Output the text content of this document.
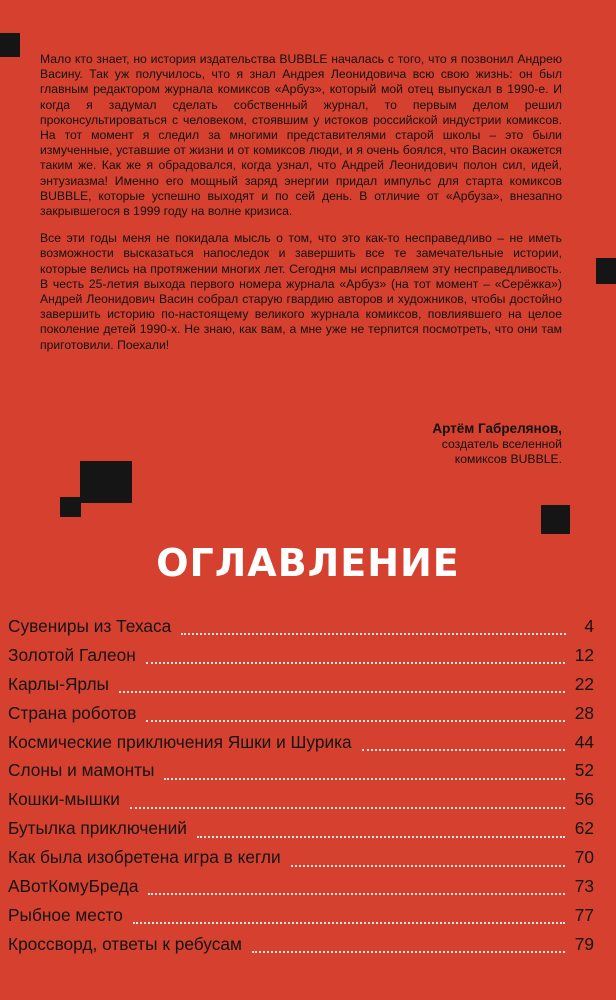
Мало кто знает, но история издательства BUBBLE началась с того, что я позвонил Андрею Васину. Так уж получилось, что я знал Андрея Леонидовича всю свою жизнь: он был главным редактором журнала комиксов «Арбуз», который мой отец выпускал в 1990-е. И когда я задумал сделать собственный журнал, то первым делом решил проконсультироваться с человеком, стоявшим у истоков российской индустрии комиксов. На тот момент я следил за многими представителями старой школы – это были измученные, уставшие от жизни и от комиксов люди, и я очень боялся, что Васин окажется таким же. Как же я обрадовался, когда узнал, что Андрей Леонидович полон сил, идей, энтузиазма! Именно его мощный заряд энергии придал импульс для старта комиксов BUBBLE, которые успешно выходят и по сей день. В отличие от «Арбуза», внезапно закрывшегося в 1999 году на волне кризиса.

Все эти годы меня не покидала мысль о том, что это как-то несправедливо – не иметь возможности высказаться напоследок и завершить все те замечательные истории, которые велись на протяжении многих лет. Сегодня мы исправляем эту несправедливость. В честь 25-летия выхода первого номера журнала «Арбуз» (на тот момент – «Серёжка») Андрей Леонидович Васин собрал старую гвардию авторов и художников, чтобы достойно завершить историю по-настоящему великого журнала комиксов, повлиявшего на целое поколение детей 1990-х. Не знаю, как вам, а мне уже не терпится посмотреть, что они там приготовили. Поехали!

Артём Габрелянов,
создатель вселенной
комиксов BUBBLE.
ОГЛАВЛЕНИЕ
Сувениры из Техаса	4
Золотой Галеон	12
Карлы-Ярлы	22
Страна роботов	28
Космические приключения Яшки и Шурика	44
Слоны и мамонты	52
Кошки-мышки	56
Бутылка приключений	62
Как была изобретена игра в кегли	70
АВотКомуБреда	73
Рыбное место	77
Кроссворд, ответы к ребусам	79
